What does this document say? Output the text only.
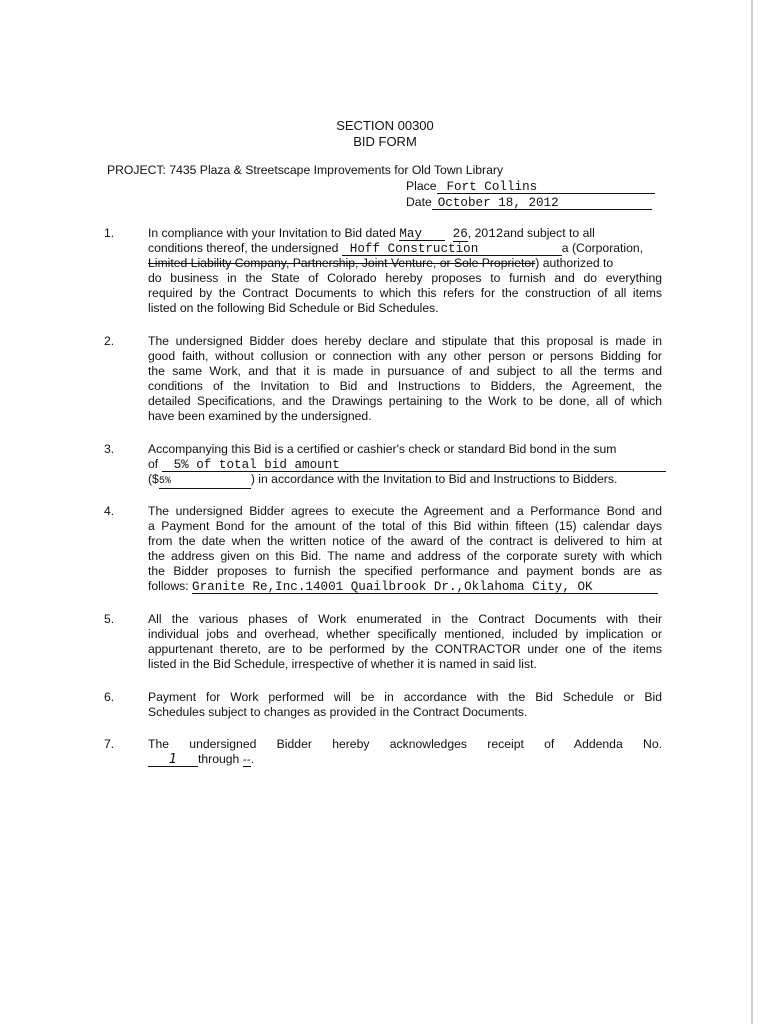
SECTION 00300
BID FORM
PROJECT: 7435 Plaza & Streetscape Improvements for Old Town Library
Place Fort Collins
Date October 18, 2012
1.	In compliance with your Invitation to Bid dated May 26, 2012and subject to all
conditions thereof, the undersigned Hoff Construction	a (Corporation,
Limited Liability Company, Partnership, Joint Venture, or Sole Proprietor) authorized to
do business in the State of Colorado hereby proposes to furnish and do everything
required by the Contract Documents to which this refers for the construction of all items
listed on the following Bid Schedule or Bid Schedules.
2.	The undersigned Bidder does hereby declare and stipulate that this proposal is made in
good faith, without collusion or connection with any other person or persons Bidding for
the same Work, and that it is made in pursuance of and subject to all the terms and
conditions of the Invitation to Bid and Instructions to Bidders, the Agreement, the
detailed Specifications, and the Drawings pertaining to the Work to be done, all of which
have been examined by the undersigned.
3.	Accompanying this Bid is a certified or cashier's check or standard Bid bond in the sum
of 5% of total bid amount
($5%	) in accordance with the Invitation to Bid and Instructions to Bidders.
4.	The undersigned Bidder agrees to execute the Agreement and a Performance Bond and
a Payment Bond for the amount of the total of this Bid within fifteen (15) calendar days
from the date when the written notice of the award of the contract is delivered to him at
the address given on this Bid. The name and address of the corporate surety with which
the Bidder proposes to furnish the specified performance and payment bonds are as
follows: Granite Re,Inc.14001 Quailbrook Dr.,Oklahoma City, OK
5.	All the various phases of Work enumerated in the Contract Documents with their
individual jobs and overhead, whether specifically mentioned, included by implication or
appurtenant thereto, are to be performed by the CONTRACTOR under one of the items
listed in the Bid Schedule, irrespective of whether it is named in said list.
6.	Payment for Work performed will be in accordance with the Bid Schedule or Bid
Schedules subject to changes as provided in the Contract Documents.
7.	The undersigned Bidder hereby acknowledges receipt of Addenda No.
1 through --.
